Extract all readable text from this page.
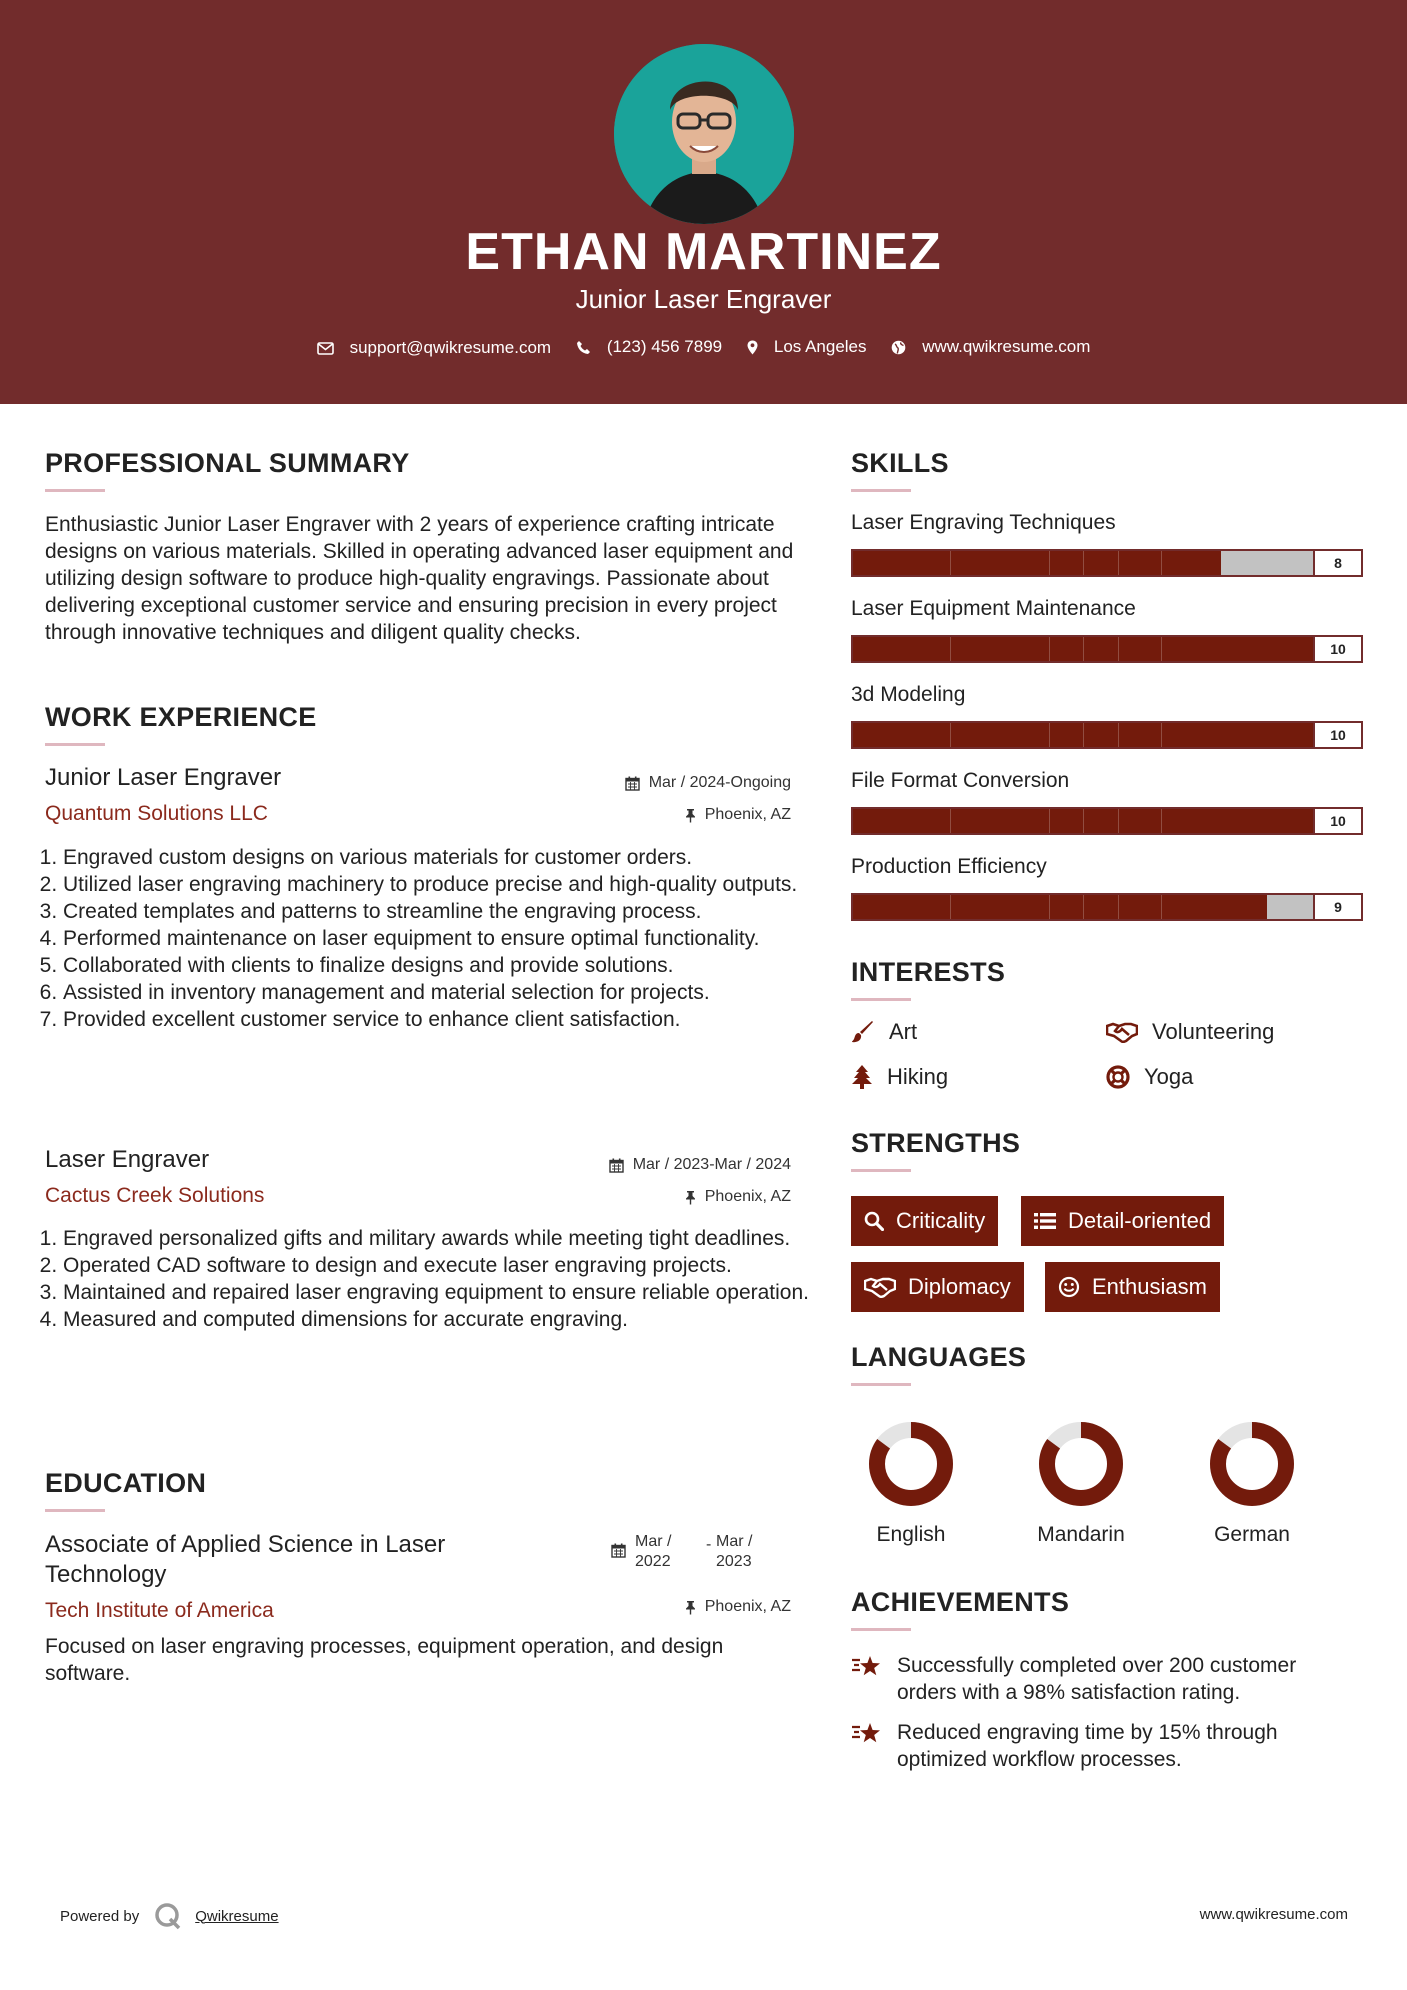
ETHAN MARTINEZ
Junior Laser Engraver
support@qwikresume.com
	(123) 456 7899
	Los Angeles
	www.qwikresume.com
PROFESSIONAL SUMMARY
Enthusiastic Junior Laser Engraver with 2 years of experience crafting intricate designs on various materials. Skilled in operating advanced laser equipment and utilizing design software to produce high-quality engravings. Passionate about delivering exceptional customer service and ensuring precision in every project through innovative techniques and diligent quality checks.
WORK EXPERIENCE
Junior Laser Engraver	Mar / 2024-Ongoing
Quantum Solutions LLC	Phoenix, AZ
1. Engraved custom designs on various materials for customer orders.
2. Utilized laser engraving machinery to produce precise and high-quality outputs.
3. Created templates and patterns to streamline the engraving process.
4. Performed maintenance on laser equipment to ensure optimal functionality.
5. Collaborated with clients to finalize designs and provide solutions.
6. Assisted in inventory management and material selection for projects.
7. Provided excellent customer service to enhance client satisfaction.
Laser Engraver	Mar / 2023-Mar / 2024
Cactus Creek Solutions	Phoenix, AZ
1. Engraved personalized gifts and military awards while meeting tight deadlines.
2. Operated CAD software to design and execute laser engraving projects.
3. Maintained and repaired laser engraving equipment to ensure reliable operation.
4. Measured and computed dimensions for accurate engraving.
EDUCATION
Associate of Applied Science in Laser Technology
Mar / 2022
- Mar / 2023
Tech Institute of America	Phoenix, AZ
Focused on laser engraving processes, equipment operation, and design software.
SKILLS
Laser Engraving Techniques
8
Laser Equipment Maintenance
10
3d Modeling
10
File Format Conversion
10
Production Efficiency
9
INTERESTS
Art	Volunteering
Hiking	Yoga
STRENGTHS
Criticality	Detail-oriented
Diplomacy	Enthusiasm
LANGUAGES
English	Mandarin	German
ACHIEVEMENTS
Successfully completed over 200 customer orders with a 98% satisfaction rating.
Reduced engraving time by 15% through optimized workflow processes.
Powered by	Qwikresume	www.qwikresume.com
